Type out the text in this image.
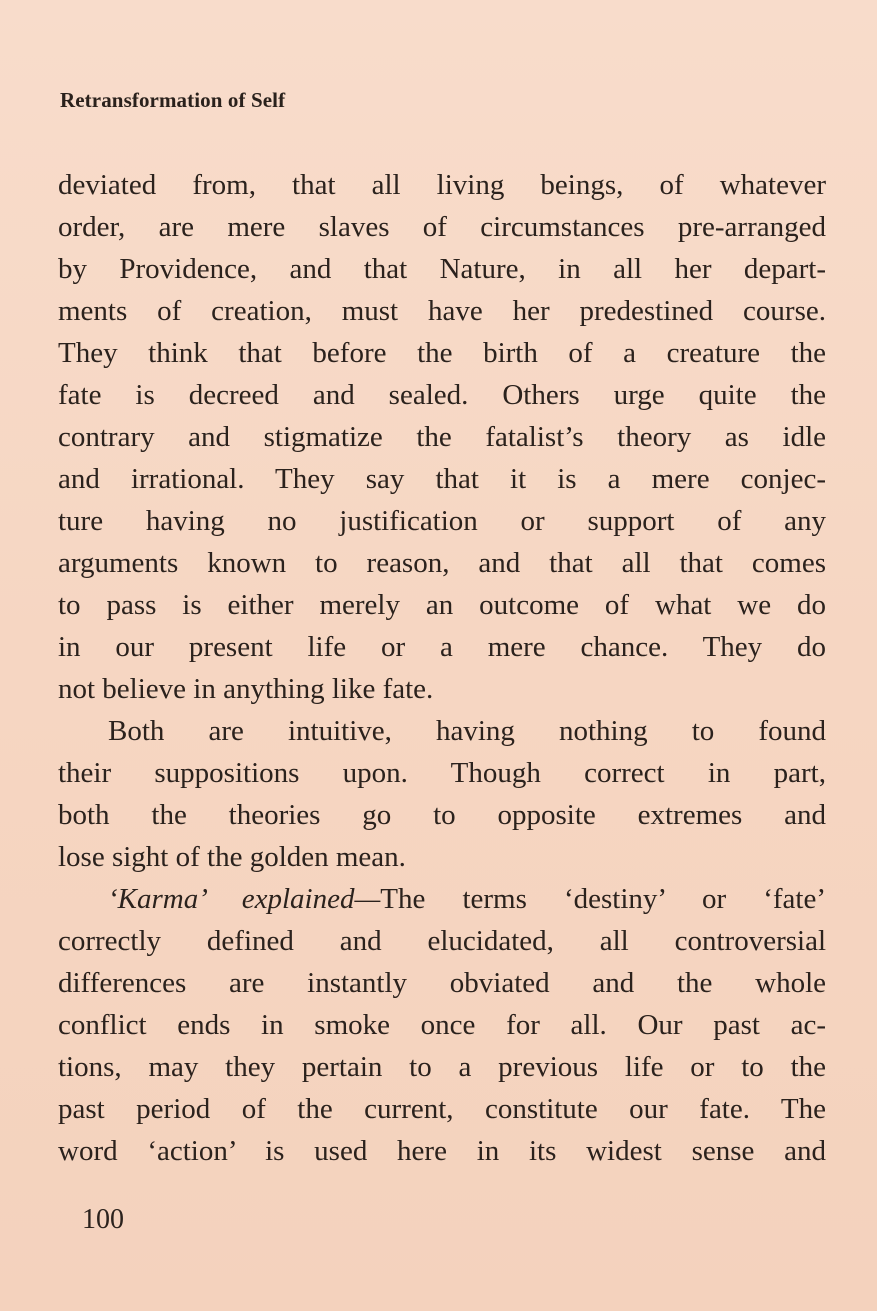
Retransformation of Self
deviated from, that all living beings, of whatever
order, are mere slaves of circumstances pre-arranged
by Providence, and that Nature, in all her depart-
ments of creation, must have her predestined course.
They think that before the birth of a creature the
fate is decreed and sealed. Others urge quite the
contrary and stigmatize the fatalist’s theory as idle
and irrational. They say that it is a mere conjec-
ture having no justification or support of any
arguments known to reason, and that all that comes
to pass is either merely an outcome of what we do
in our present life or a mere chance. They do
not believe in anything like fate.
Both are intuitive, having nothing to found
their suppositions upon. Though correct in part,
both the theories go to opposite extremes and
lose sight of the golden mean.
‘Karma’ explained—The terms ‘destiny’ or ‘fate’
correctly defined and elucidated, all controversial
differences are instantly obviated and the whole
conflict ends in smoke once for all. Our past ac-
tions, may they pertain to a previous life or to the
past period of the current, constitute our fate. The
word ‘action’ is used here in its widest sense and
100
